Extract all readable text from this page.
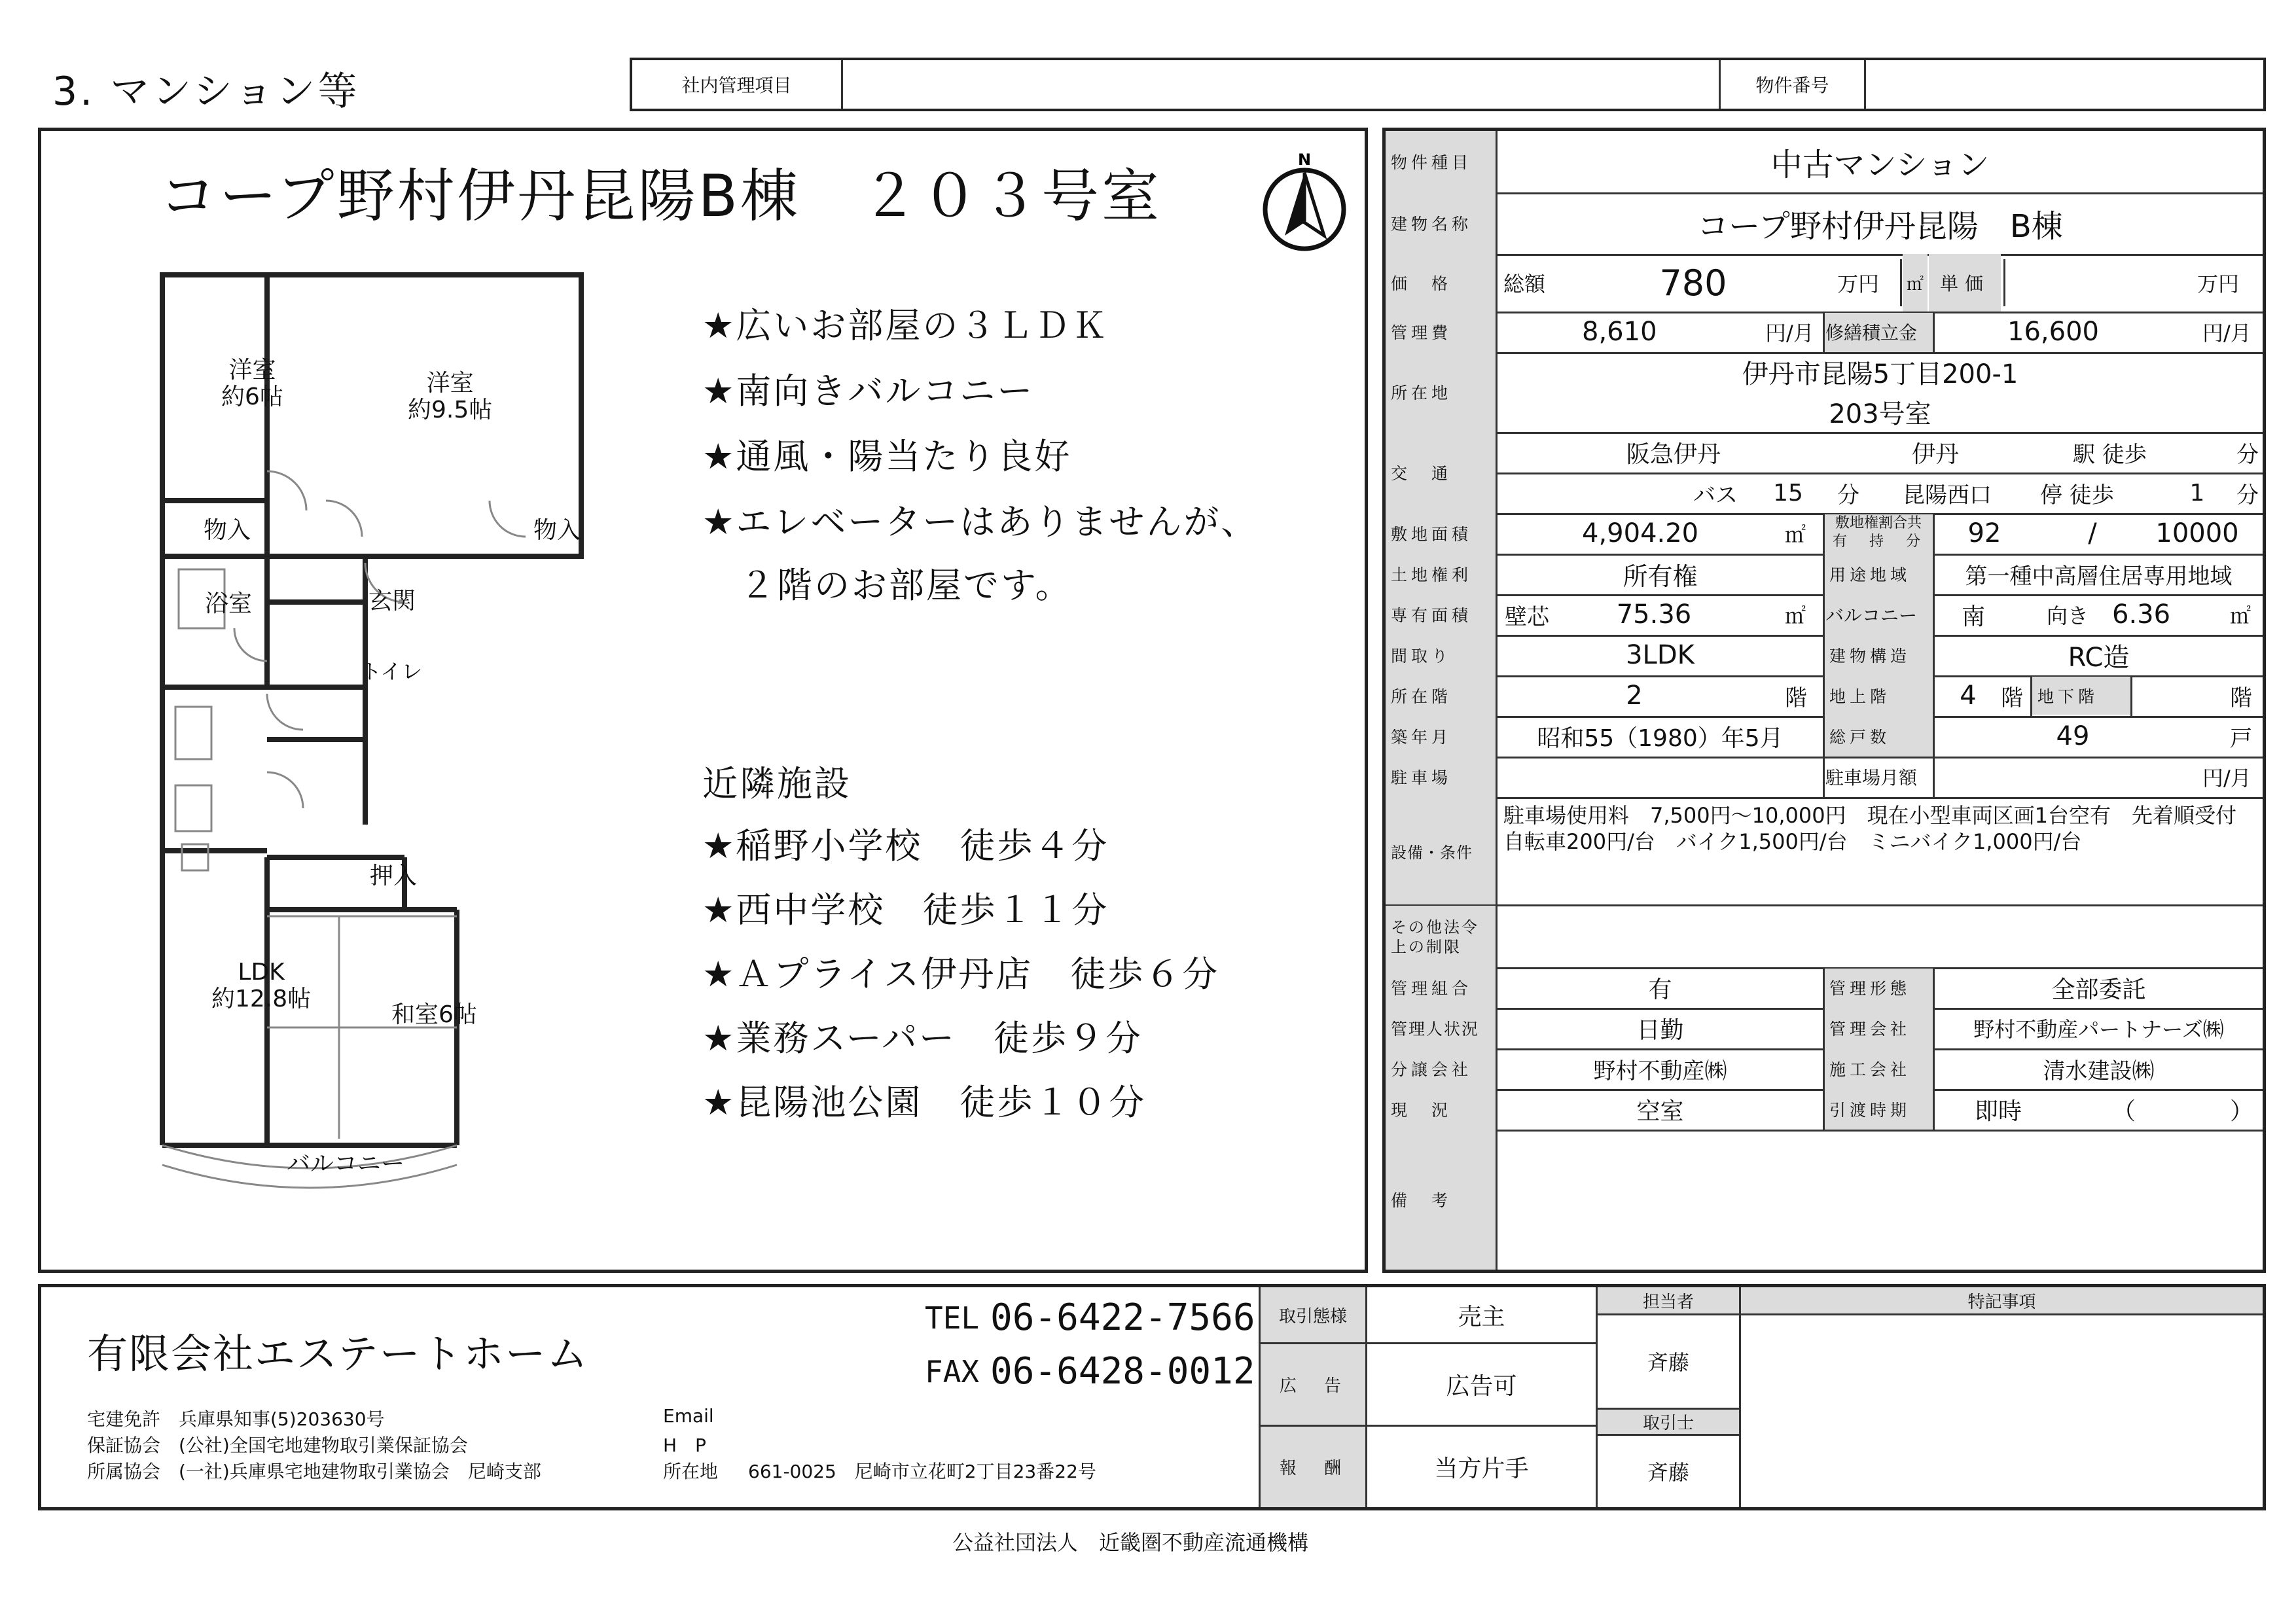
3. マンション等	社内管理項目	物件番号
コープ野村伊丹昆陽B棟　２０３号室
N
洋室
約6帖
洋室
約9.5帖
物入	物入
浴室	玄関
トイレ
押入
LDK
約12.8帖
和室6帖
バルコニー
★広いお部屋の３ＬＤＫ
★南向きバルコニー
★通風・陽当たり良好
★エレベーターはありませんが、
　２階のお部屋です。
近隣施設
★稲野小学校　徒歩４分
★西中学校　徒歩１１分
★Ａプライス伊丹店　徒歩６分
★業務スーパー　徒歩９分
★昆陽池公園　徒歩１０分
物件種目	中古マンション
建物名称	コープ野村伊丹昆陽　B棟
価　格	総額	780	万円	㎡ 単価	万円
管理費	8,610	円/月 修繕積立金	16,600	円/月
所在地
伊丹市昆陽5丁目200-1
203号室
交　通
阪急伊丹	伊丹	駅 徒歩	分
バス	15	分 昆陽西口	停 徒歩	1 分
敷地面積	4,904.20	㎡	敷地権割合共
有　持　分	92	/	10000
土地権利	所有権	用途地域	第一種中高層住居専用地域
専有面積	壁芯	75.36	㎡	バルコニー	南	向き 6.36	㎡
間取り	3LDK	建物構造	RC造
所在階	2	階	地上階	4	階 地下階	階
築年月	昭和55（1980）年5月	総戸数	49	戸
駐車場	駐車場月額	円/月
設備・条件
駐車場使用料　7,500円〜10,000円　現在小型車両区画1台空有　先着順受付　自転車200円/台　バイク1,500円/台　ミニバイク1,000円/台
その他法令
上の制限
管理組合	有	管理形態	全部委託
管理人状況	日勤	管理会社	野村不動産パートナーズ㈱
分譲会社	野村不動産㈱	施工会社	清水建設㈱
現　況	空室	引渡時期	即時	（　　　　）
備　考
有限会社エステートホーム
TEL 06-6422-7566
FAX 06-6428-0012
宅建免許　兵庫県知事(5)203630号
保証協会　(公社)全国宅地建物取引業保証協会
所属協会　(一社)兵庫県宅地建物取引業協会　尼崎支部
Email
H　P
所在地 661-0025　尼崎市立花町2丁目23番22号
取引態様	売主
広　告	広告可
報　酬	当方片手
担当者
斉藤
取引士
斉藤
特記事項
公益社団法人　近畿圏不動産流通機構
